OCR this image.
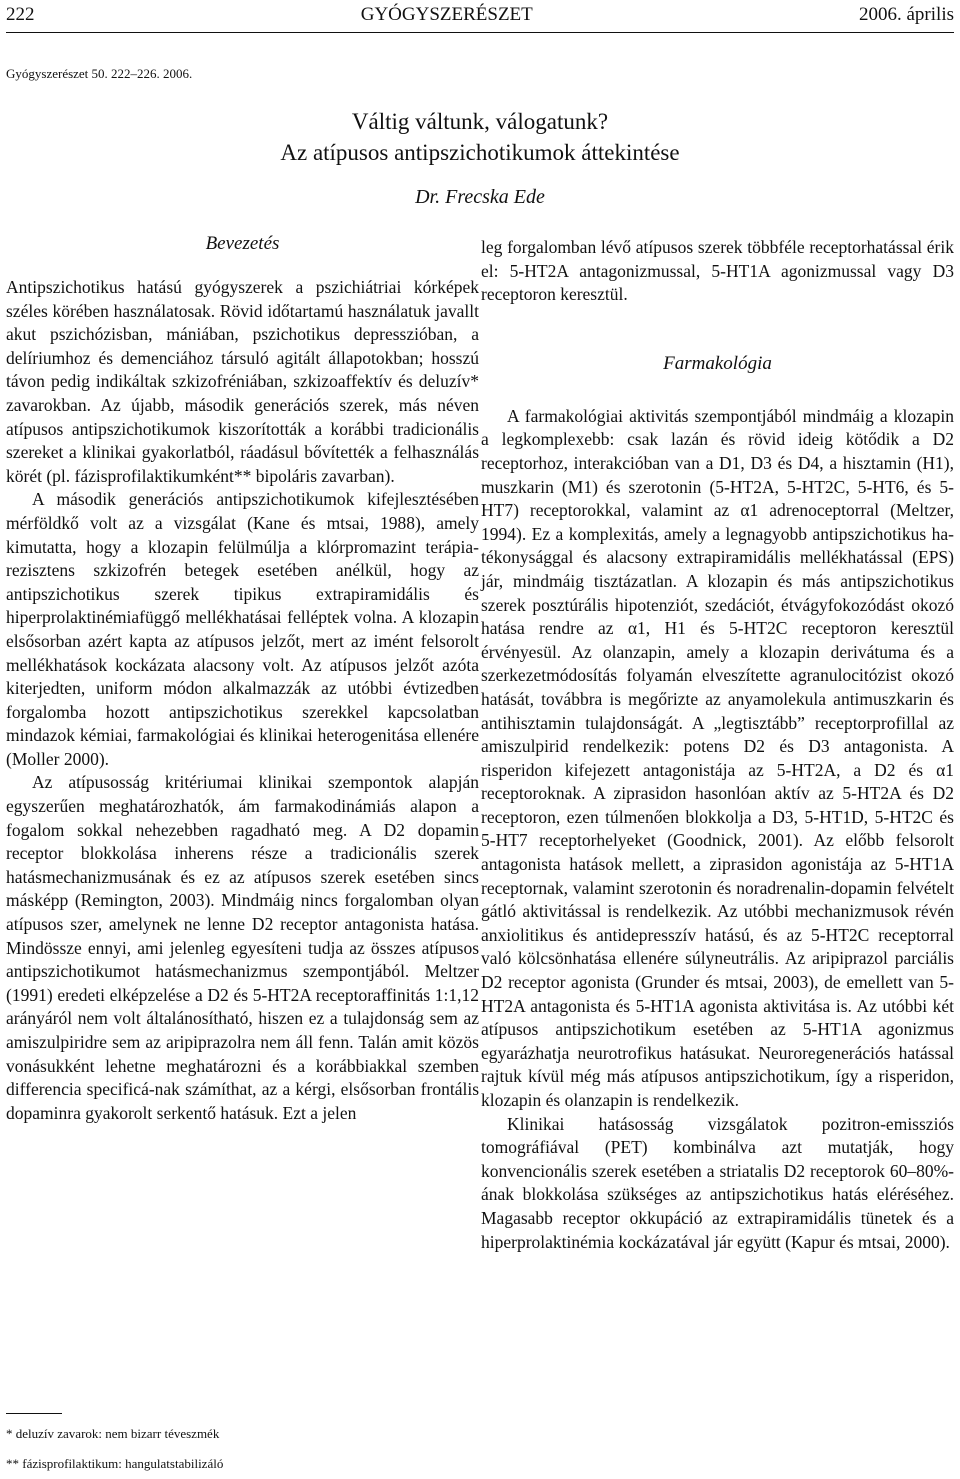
222	GYÓGYSZERÉSZET	2006. április
Gyógyszerészet 50. 222–226. 2006.
Váltig váltunk, válogatunk?
Az atípusos antipszichotikumok áttekintése
Dr. Frecska Ede
Bevezetés

Antipszichotikus hatású gyógyszerek a pszichiátriai kórképek széles körében használatosak. Rövid időtartamú használatuk javallt akut pszichózisban, mániában, pszichotikus depresszióban, a delíriumhoz és demenciához társuló agitált állapotokban; hosszú távon pedig indikáltak szkizofréniában, szkizoaffektív és deluzív* zavarokban. Az újabb, második generációs szerek, más néven atípusos antipszichotikumok kiszorították a korábbi tradicionális szereket a klinikai gyakorlatból, ráadásul bővítették a felhasználás körét (pl. fázisprofilaktikumként** bipoláris zavarban).

A második generációs antipszichotikumok kifejlesztésében mérföldkő volt az a vizsgálat (Kane és mtsai, 1988), amely kimutatta, hogy a klozapin felülmúlja a klórpromazint terápia-rezisztens szkizofrén betegek esetében anélkül, hogy az antipszichotikus szerek tipikus extrapiramidális és hiperprolaktinémiafüggő mellékhatásai felléptek volna. A klozapin elsősorban azért kapta az atípusos jelzőt, mert az imént felsorolt mellékhatások kockázata alacsony volt. Az atípusos jelzőt azóta kiterjedten, uniform módon alkalmazzák az utóbbi évtizedben forgalomba hozott antipszichotikus szerekkel kapcsolatban mindazok kémiai, farmakológiai és klinikai heterogenitása ellenére (Moller 2000).

Az atípusosság kritériumai klinikai szempontok alapján egyszerűen meghatározhatók, ám farmakodinámiás alapon a fogalom sokkal nehezebben ragadható meg. A D2 dopamin receptor blokkolása inherens része a tradicionális szerek hatásmechanizmusának és ez az atípusos szerek esetében sincs másképp (Remington, 2003). Mindmáig nincs forgalomban olyan atípusos szer, amelynek ne lenne D2 receptor antagonista hatása. Mindössze ennyi, ami jelenleg egyesíteni tudja az összes atípusos antipszichotikumot hatásmechanizmus szempontjából. Meltzer (1991) eredeti elképzelése a D2 és 5-HT2A receptoraffinitás 1:1,12 arányáról nem volt általánosítható, hiszen ez a tulajdonság sem az amiszulpiridre sem az aripiprazolra nem áll fenn. Talán amit közös vonásukként lehetne meghatározni és a korábbiakkal szemben differencia specificá-nak számíthat, az a kérgi, elsősorban frontális dopaminra gyakorolt serkentő hatásuk. Ezt a jelen

leg forgalomban lévő atípusos szerek többféle receptorhatással érik el: 5-HT2A antagonizmussal, 5-HT1A agonizmussal vagy D3 receptoron keresztül.

Farmakológia

A farmakológiai aktivitás szempontjából mindmáig a klozapin a legkomplexebb: csak lazán és rövid ideig kötődik a D2 receptorhoz, interakcióban van a D1, D3 és D4, a hisztamin (H1), muszkarin (M1) és szerotonin (5-HT2A, 5-HT2C, 5-HT6, és 5-HT7) receptorokkal, valamint az α1 adrenoceptorral (Meltzer, 1994). Ez a komplexitás, amely a legnagyobb antipszichotikus hatékonysággal és alacsony extrapiramidális mellékhatással (EPS) jár, mindmáig tisztázatlan. A klozapin és más antipszichotikus szerek posztúrális hipotenziót, szedációt, étvágyfokozódást okozó hatása rendre az α1, H1 és 5-HT2C receptoron keresztül érvényesül. Az olanzapin, amely a klozapin derivátuma és a szerkezetmódosítás folyamán elveszítette agranulocitózist okozó hatását, továbbra is megőrizte az anyamolekula antimuszkarin és antihisztamin tulajdonságát. A „legtisztább” receptorprofillal az amiszulpirid rendelkezik: potens D2 és D3 antagonista. A risperidon kifejezett antagonistája az 5-HT2A, a D2 és α1 receptoroknak. A ziprasidon hasonlóan aktív az 5-HT2A és D2 receptoron, ezen túlmenően blokkolja a D3, 5-HT1D, 5-HT2C és 5-HT7 receptorhelyeket (Goodnick, 2001). Az előbb felsorolt antagonista hatások mellett, a ziprasidon agonistája az 5-HT1A receptornak, valamint szerotonin és noradrenalin-dopamin felvételt gátló aktivitással is rendelkezik. Az utóbbi mechanizmusok révén anxiolitikus és antidepresszív hatású, és az 5-HT2C receptorral való kölcsönhatása ellenére súlyneutrális. Az aripiprazol parciális D2 receptor agonista (Grunder és mtsai, 2003), de emellett van 5-HT2A antagonista és 5-HT1A agonista aktivitása is. Az utóbbi két atípusos antipszichotikum esetében az 5-HT1A agonizmus egyarázhatja neurotrofikus hatásukat. Neuroregenerációs hatással rajtuk kívül még más atípusos antipszichotikum, így a risperidon, klozapin és olanzapin is rendelkezik.

Klinikai hatásosság vizsgálatok pozitron-emissziós tomográfiával (PET) kombinálva azt mutatják, hogy konvencionális szerek esetében a striatalis D2 receptorok 60–80%-ának blokkolása szükséges az antipszichotikus hatás eléréséhez. Magasabb receptor okkupáció az extrapiramidális tünetek és a hiperprolaktinémia kockázatával jár együtt (Kapur és mtsai, 2000).

* deluzív zavarok: nem bizarr téveszmék
** fázisprofilaktikum: hangulatstabilizáló
